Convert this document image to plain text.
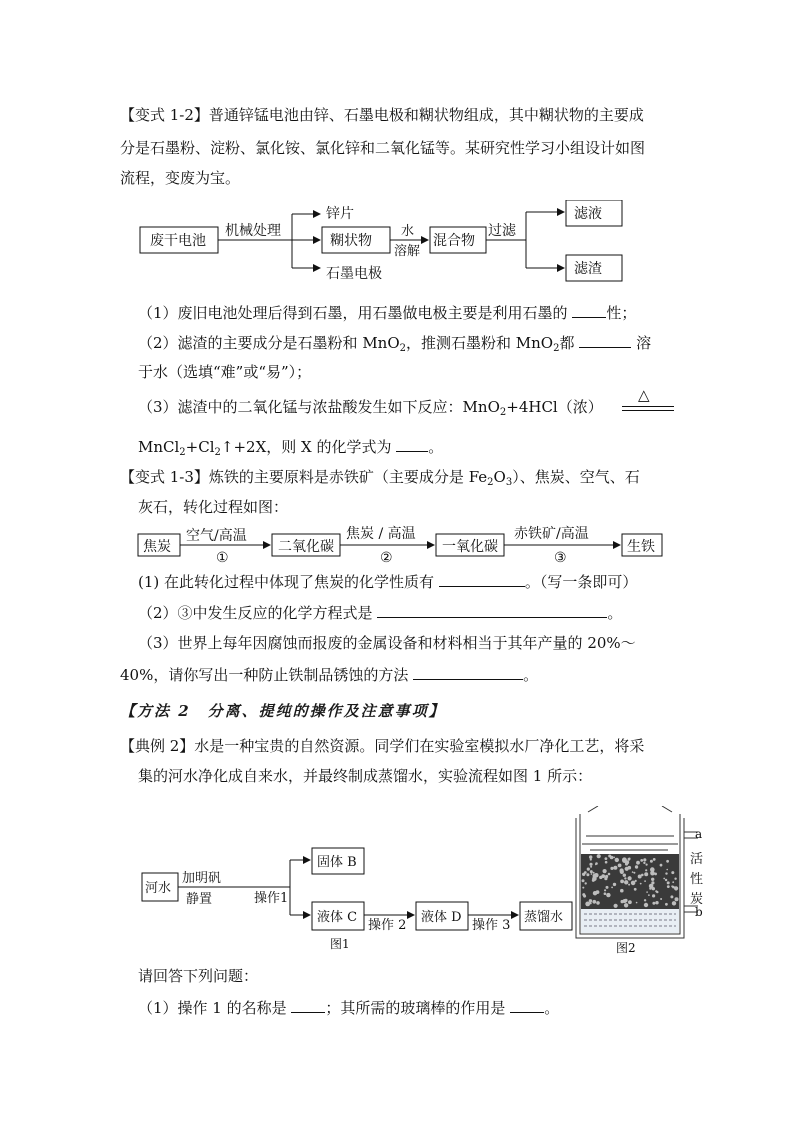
【变式 1-2】普通锌锰电池由锌、石墨电极和糊状物组成，其中糊状物的主要成
分是石墨粉、淀粉、氯化铵、氯化锌和二氧化锰等。某研究性学习小组设计如图
流程，变废为宝。
废干电池
机械处理
锌片
糊状物
石墨电极
水
溶解
混合物
过滤
滤液
滤渣
（1）废旧电池处理后得到石墨，用石墨做电极主要是利用石墨的	性；
（2）滤渣的主要成分是石墨粉和 MnO$_2$，推测石墨粉和 MnO$_2$都	溶
于水（选填“难”或“易”）；
（3）滤渣中的二氧化锰与浓盐酸发生如下反应：MnO$_2$+4HCl（浓）
△
$MnCl_2+Cl_2↑+2X$，则 X 的化学式为 。
【变式 1-3】炼铁的主要原料是赤铁矿（主要成分是 $Fe_2O_3$）、焦炭、空气、石
灰石，转化过程如图：
焦炭
空气/高温
①
二氧化碳
焦炭 / 高温
②
一氧化碳
赤铁矿/高温
③
生铁
(1) 在此转化过程中体现了焦炭的化学性质有	。（写一条即可）
（2）③中发生反应的化学方程式是	。
（3）世界上每年因腐蚀而报废的金属设备和材料相当于其年产量的 20%～
40%，请你写出一种防止铁制品锈蚀的方法	。
【方法 2　分离、提纯的操作及注意事项】
【典例 2】水是一种宝贵的自然资源。同学们在实验室模拟水厂净化工艺，将采
集的河水净化成自来水，并最终制成蒸馏水，实验流程如图 1 所示：
河水
加明矾
静置	操作1
固体 B
液体 C
操作 2
液体 D
操作 3
蒸馏水
图1
a
活
性
炭
b
图2
请回答下列问题：
（1）操作 1 的名称是	；其所需的玻璃棒的作用是	。
